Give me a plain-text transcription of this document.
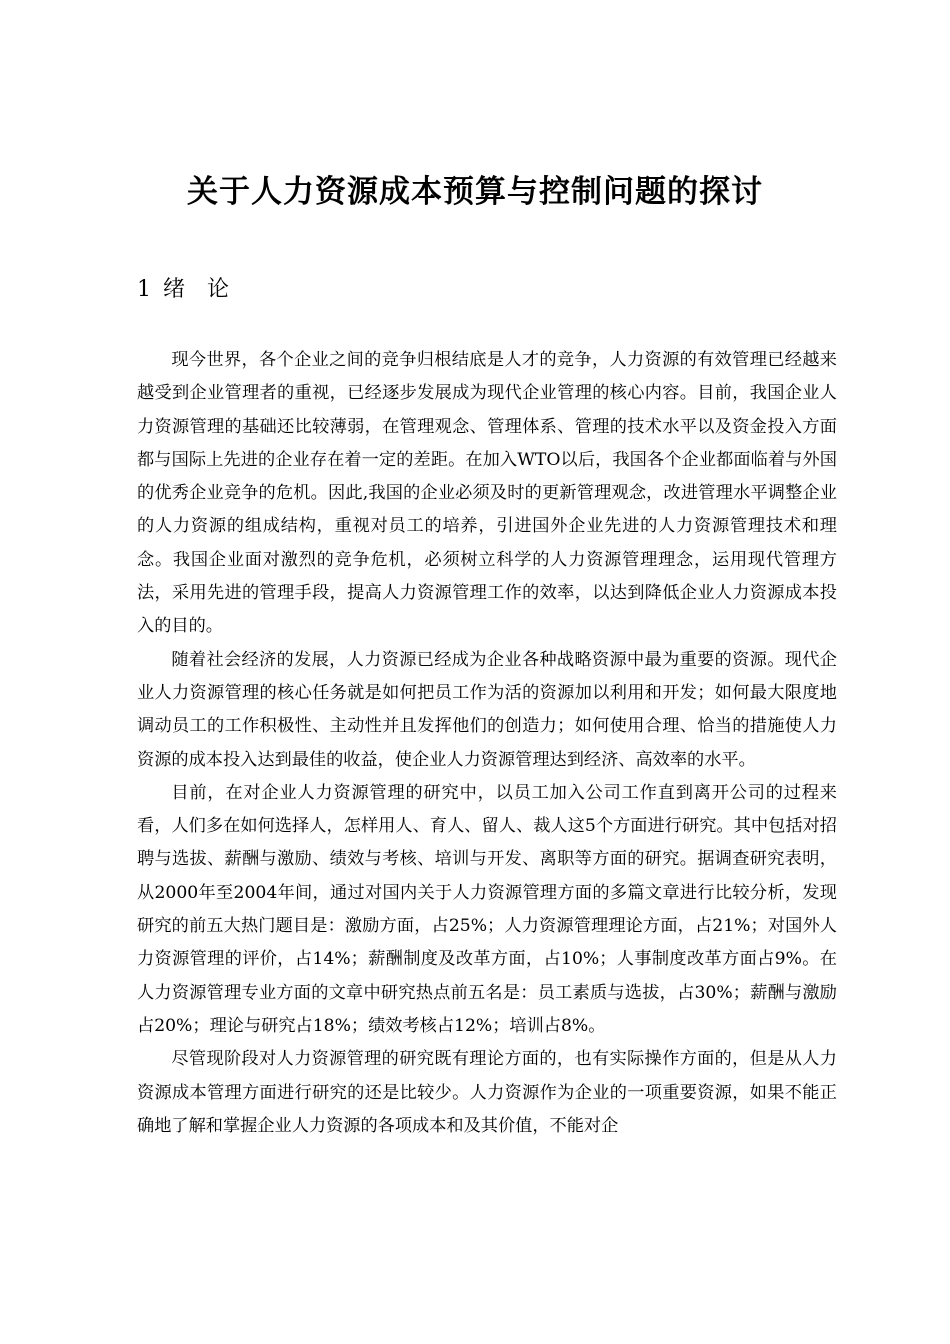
关于人力资源成本预算与控制问题的探讨
1 绪论

现今世界，各个企业之间的竞争归根结底是人才的竞争，人力资源的有效管理已经越来越受到企业管理者的重视，已经逐步发展成为现代企业管理的核心内容。目前，我国企业人力资源管理的基础还比较薄弱，在管理观念、管理体系、管理的技术水平以及资金投入方面都与国际上先进的企业存在着一定的差距。在加入WTO以后，我国各个企业都面临着与外国的优秀企业竞争的危机。因此,我国的企业必须及时的更新管理观念，改进管理水平调整企业的人力资源的组成结构，重视对员工的培养，引进国外企业先进的人力资源管理技术和理念。我国企业面对激烈的竞争危机，必须树立科学的人力资源管理理念，运用现代管理方法，采用先进的管理手段，提高人力资源管理工作的效率，以达到降低企业人力资源成本投入的目的。

随着社会经济的发展，人力资源已经成为企业各种战略资源中最为重要的资源。现代企业人力资源管理的核心任务就是如何把员工作为活的资源加以利用和开发；如何最大限度地调动员工的工作积极性、主动性并且发挥他们的创造力；如何使用合理、恰当的措施使人力资源的成本投入达到最佳的收益，使企业人力资源管理达到经济、高效率的水平。

目前，在对企业人力资源管理的研究中，以员工加入公司工作直到离开公司的过程来看，人们多在如何选择人，怎样用人、育人、留人、裁人这5个方面进行研究。其中包括对招聘与选拔、薪酬与激励、绩效与考核、培训与开发、离职等方面的研究。据调查研究表明，从2000年至2004年间，通过对国内关于人力资源管理方面的多篇文章进行比较分析，发现研究的前五大热门题目是：激励方面，占25%；人力资源管理理论方面，占21%；对国外人力资源管理的评价，占14%；薪酬制度及改革方面，占10%；人事制度改革方面占9%。在人力资源管理专业方面的文章中研究热点前五名是：员工素质与选拔，占30%；薪酬与激励占20%；理论与研究占18%；绩效考核占12%；培训占8%。

尽管现阶段对人力资源管理的研究既有理论方面的，也有实际操作方面的，但是从人力资源成本管理方面进行研究的还是比较少。人力资源作为企业的一项重要资源，如果不能正确地了解和掌握企业人力资源的各项成本和及其价值，不能对企
